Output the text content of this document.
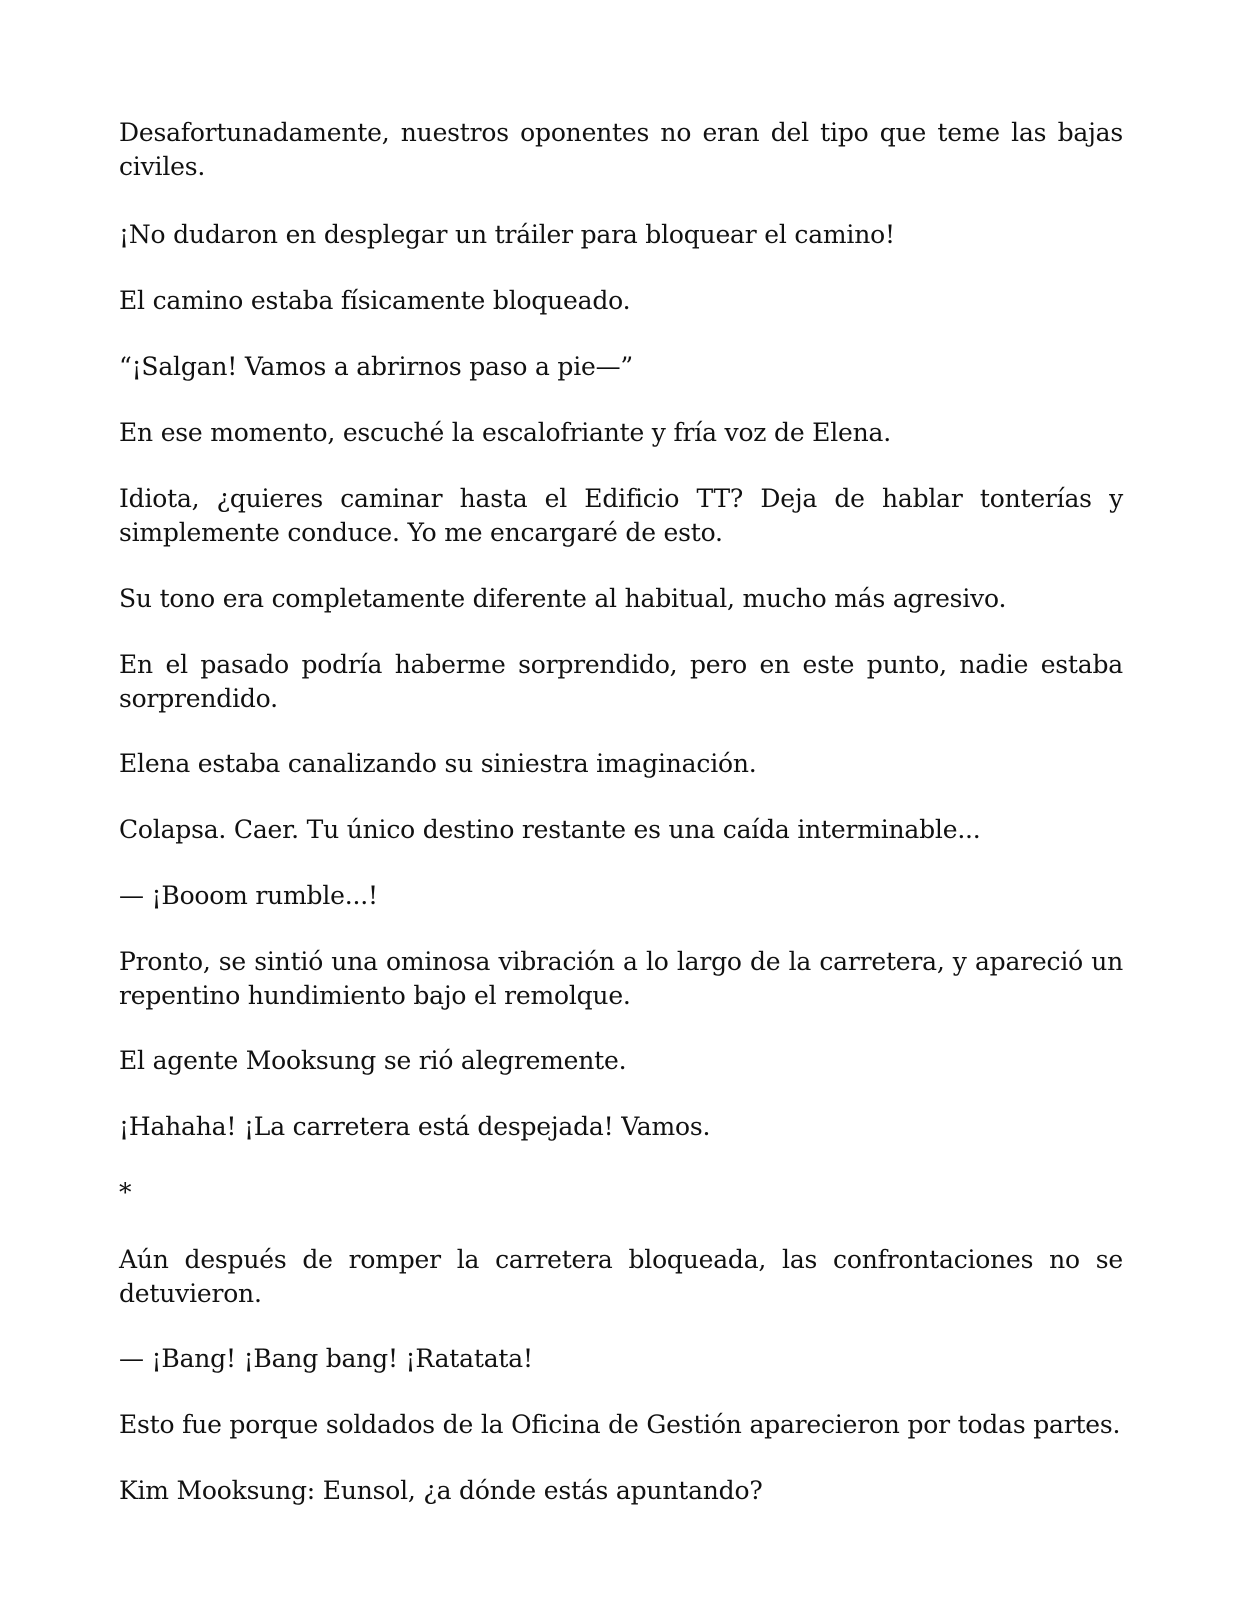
Desafortunadamente, nuestros oponentes no eran del tipo que teme las bajas civiles.

¡No dudaron en desplegar un tráiler para bloquear el camino!

El camino estaba físicamente bloqueado.

“¡Salgan! Vamos a abrirnos paso a pie—”

En ese momento, escuché la escalofriante y fría voz de Elena.

Idiota, ¿quieres caminar hasta el Edificio TT? Deja de hablar tonterías y simplemente conduce. Yo me encargaré de esto.

Su tono era completamente diferente al habitual, mucho más agresivo.

En el pasado podría haberme sorprendido, pero en este punto, nadie estaba sorprendido.

Elena estaba canalizando su siniestra imaginación.

Colapsa. Caer. Tu único destino restante es una caída interminable...

— ¡Booom rumble...!

Pronto, se sintió una ominosa vibración a lo largo de la carretera, y apareció un repentino hundimiento bajo el remolque.

El agente Mooksung se rió alegremente.

¡Hahaha! ¡La carretera está despejada! Vamos.

*

Aún después de romper la carretera bloqueada, las confrontaciones no se detuvieron.

— ¡Bang! ¡Bang bang! ¡Ratatata!

Esto fue porque soldados de la Oficina de Gestión aparecieron por todas partes.

Kim Mooksung: Eunsol, ¿a dónde estás apuntando?
